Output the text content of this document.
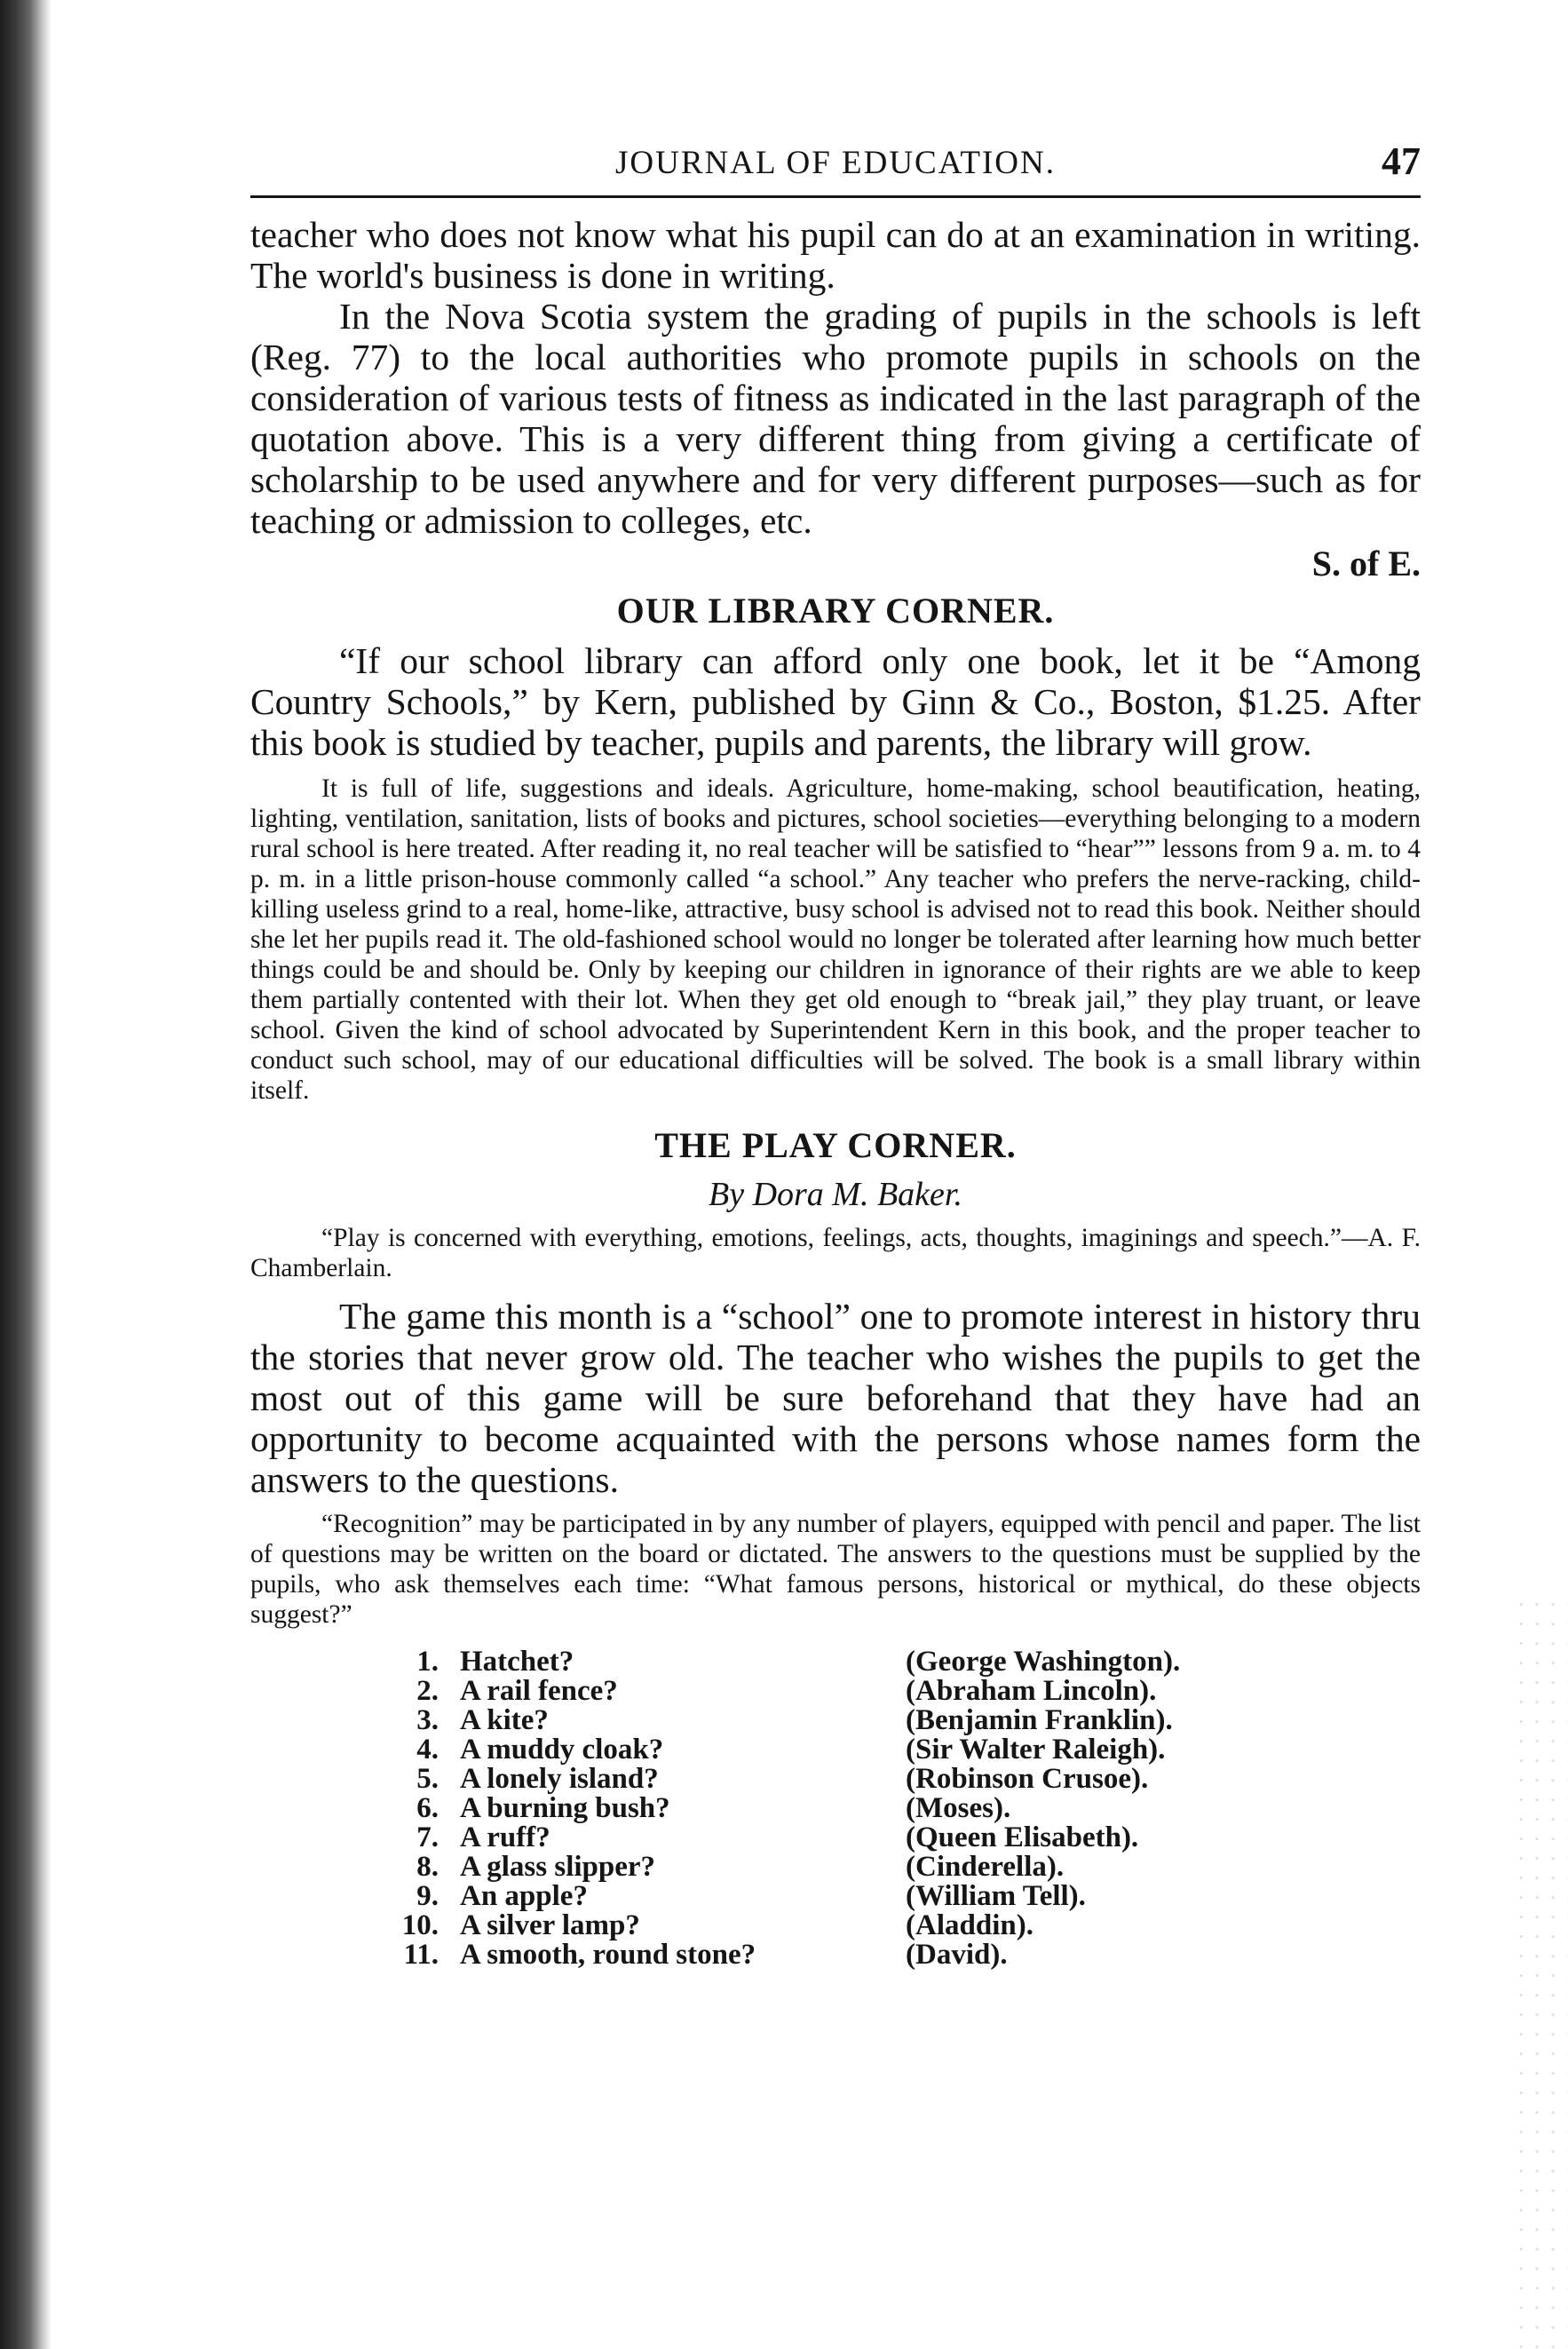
JOURNAL OF EDUCATION.	47

teacher who does not know what his pupil can do at an examination in writing. The world's business is done in writing.

In the Nova Scotia system the grading of pupils in the schools is left (Reg. 77) to the local authorities who promote pupils in schools on the consideration of various tests of fitness as indicated in the last paragraph of the quotation above. This is a very different thing from giving a certificate of scholarship to be used anywhere and for very different purposes—such as for teaching or admission to colleges, etc.

S. of E.
OUR LIBRARY CORNER.

“If our school library can afford only one book, let it be “Among Country Schools,” by Kern, published by Ginn & Co., Boston, $1.25. After this book is studied by teacher, pupils and parents, the library will grow.

It is full of life, suggestions and ideals. Agriculture, home-making, school beautification, heating, lighting, ventilation, sanitation, lists of books and pictures, school societies—everything belonging to a modern rural school is here treated. After reading it, no real teacher will be satisfied to “hear”” lessons from 9 a. m. to 4 p. m. in a little prison-house commonly called “a school.” Any teacher who prefers the nerve-racking, child-killing useless grind to a real, home-like, attractive, busy school is advised not to read this book. Neither should she let her pupils read it. The old-fashioned school would no longer be tolerated after learning how much better things could be and should be. Only by keeping our children in ignorance of their rights are we able to keep them partially contented with their lot. When they get old enough to “break jail,” they play truant, or leave school. Given the kind of school advocated by Superintendent Kern in this book, and the proper teacher to conduct such school, may of our educational difficulties will be solved. The book is a small library within itself.

THE PLAY CORNER.
By Dora M. Baker.

“Play is concerned with everything, emotions, feelings, acts, thoughts, imaginings and speech.”—A. F. Chamberlain.

The game this month is a “school” one to promote interest in history thru the stories that never grow old. The teacher who wishes the pupils to get the most out of this game will be sure beforehand that they have had an opportunity to become acquainted with the persons whose names form the answers to the questions.

“Recognition” may be participated in by any number of players, equipped with pencil and paper. The list of questions may be written on the board or dictated. The answers to the questions must be supplied by the pupils, who ask themselves each time: “What famous persons, historical or mythical, do these objects suggest?”

1. Hatchet?	(George Washington).
2. A rail fence?	(Abraham Lincoln).
3. A kite?	(Benjamin Franklin).
4. A muddy cloak?	(Sir Walter Raleigh).
5. A lonely island?	(Robinson Crusoe).
6. A burning bush?	(Moses).
7. A ruff?	(Queen Elisabeth).
8. A glass slipper?	(Cinderella).
9. An apple?	(William Tell).
10. A silver lamp?	(Aladdin).
11. A smooth, round stone?	(David).
